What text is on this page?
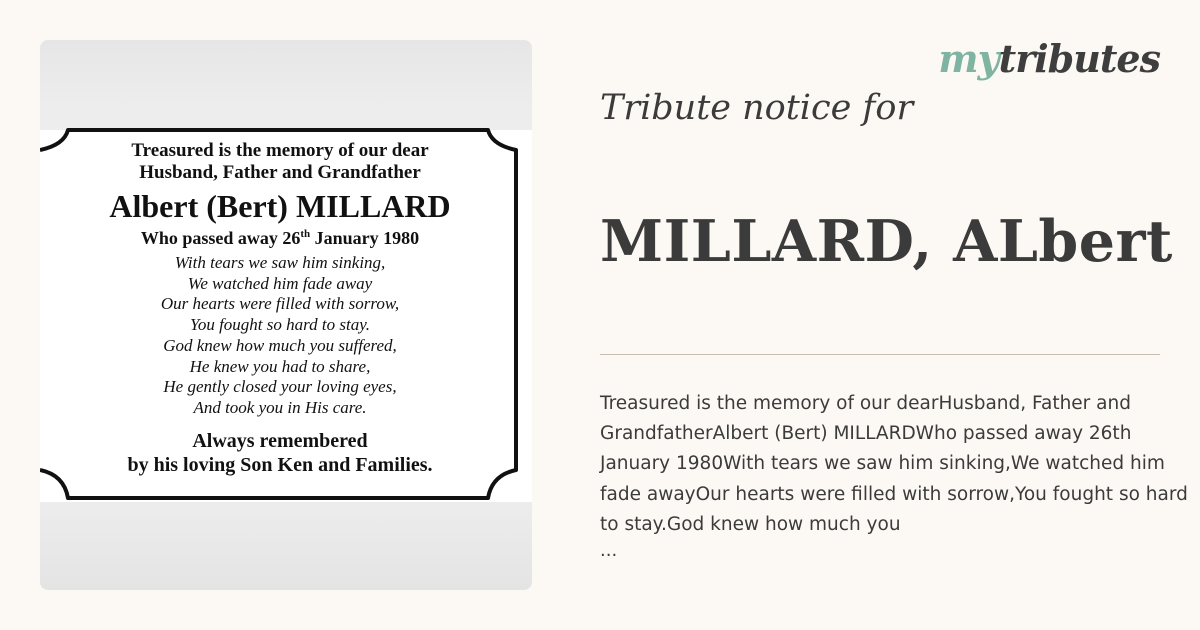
Treasured is the memory of our dear
Husband, Father and Grandfather
Albert (Bert) MILLARD
Who passed away 26th January 1980
With tears we saw him sinking,
We watched him fade away
Our hearts were filled with sorrow,
You fought so hard to stay.
God knew how much you suffered,
He knew you had to share,
He gently closed your loving eyes,
And took you in His care.
Always remembered
by his loving Son Ken and Families.
mytributes
Tribute notice for
MILLARD, ALbert
Treasured is the memory of our dearHusband, Father and GrandfatherAlbert (Bert) MILLARDWho passed away 26th January 1980With tears we saw him sinking,We watched him fade awayOur hearts were filled with sorrow,You fought so hard to stay.God knew how much you
...
